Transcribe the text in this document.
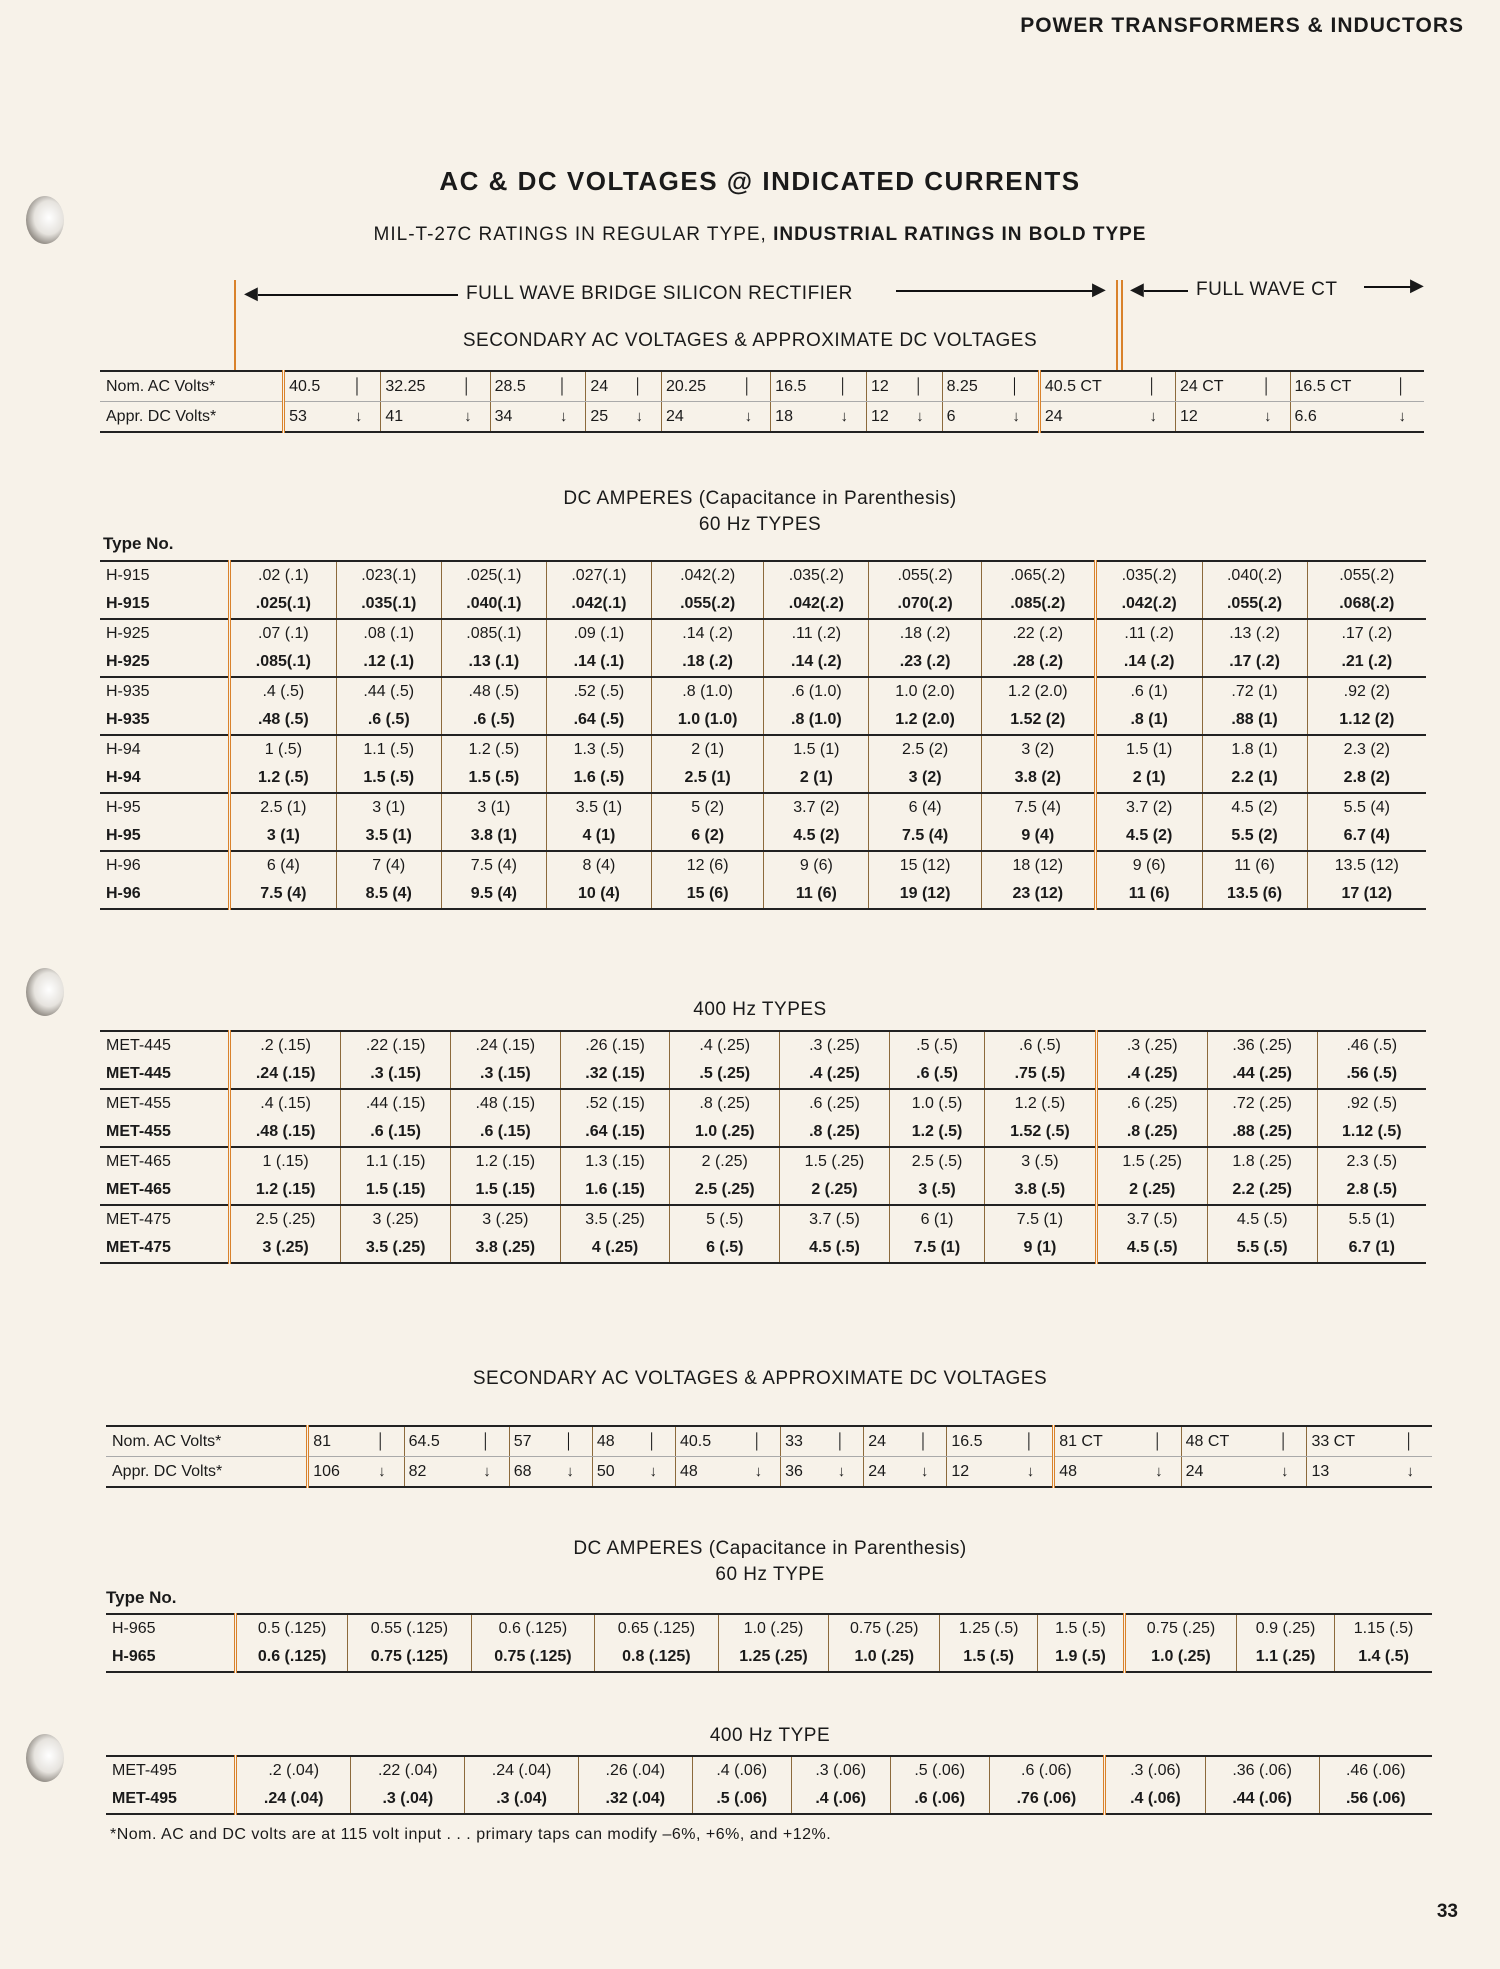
POWER TRANSFORMERS & INDUCTORS
AC & DC VOLTAGES @ INDICATED CURRENTS
MIL-T-27C RATINGS IN REGULAR TYPE, INDUSTRIAL RATINGS IN BOLD TYPE
◀	FULL WAVE BRIDGE SILICON RECTIFIER	▶ ◀	FULL WAVE CT	▶
SECONDARY AC VOLTAGES & APPROXIMATE DC VOLTAGES
Nom. AC Volts*	40.5 │	32.25 │	28.5 │	24 │	20.25 │	16.5 │	12 │	8.25 │	40.5 CT │	24 CT │	16.5 CT │

Appr. DC Volts*	53 ↓	41 ↓	34 ↓	25 ↓	24 ↓	18 ↓	12 ↓	6 ↓	24 ↓	12 ↓	6.6 ↓
DC AMPERES (Capacitance in Parenthesis)
60 Hz TYPES
Type No.
H-915	.02 (.1)	.023(.1)	.025(.1)	.027(.1)	.042(.2)	.035(.2)	.055(.2)	.065(.2)	.035(.2)	.040(.2)	.055(.2)
H-915	.025(.1)	.035(.1)	.040(.1)	.042(.1)	.055(.2)	.042(.2)	.070(.2)	.085(.2)	.042(.2)	.055(.2)	.068(.2)
H-925	.07 (.1)	.08 (.1)	.085(.1)	.09 (.1)	.14 (.2)	.11 (.2)	.18 (.2)	.22 (.2)	.11 (.2)	.13 (.2)	.17 (.2)
H-925	.085(.1)	.12 (.1)	.13 (.1)	.14 (.1)	.18 (.2)	.14 (.2)	.23 (.2)	.28 (.2)	.14 (.2)	.17 (.2)	.21 (.2)
H-935	.4 (.5)	.44 (.5)	.48 (.5)	.52 (.5)	.8 (1.0)	.6 (1.0)	1.0 (2.0)	1.2 (2.0)	.6 (1)	.72 (1)	.92 (2)
H-935	.48 (.5)	.6 (.5)	.6 (.5)	.64 (.5)	1.0 (1.0)	.8 (1.0)	1.2 (2.0)	1.52 (2)	.8 (1)	.88 (1)	1.12 (2)
H-94	1 (.5)	1.1 (.5)	1.2 (.5)	1.3 (.5)	2 (1)	1.5 (1)	2.5 (2)	3 (2)	1.5 (1)	1.8 (1)	2.3 (2)
H-94	1.2 (.5)	1.5 (.5)	1.5 (.5)	1.6 (.5)	2.5 (1)	2 (1)	3 (2)	3.8 (2)	2 (1)	2.2 (1)	2.8 (2)
H-95	2.5 (1)	3 (1)	3 (1)	3.5 (1)	5 (2)	3.7 (2)	6 (4)	7.5 (4)	3.7 (2)	4.5 (2)	5.5 (4)
H-95	3 (1)	3.5 (1)	3.8 (1)	4 (1)	6 (2)	4.5 (2)	7.5 (4)	9 (4)	4.5 (2)	5.5 (2)	6.7 (4)
H-96	6 (4)	7 (4)	7.5 (4)	8 (4)	12 (6)	9 (6)	15 (12)	18 (12)	9 (6)	11 (6)	13.5 (12)
H-96	7.5 (4)	8.5 (4)	9.5 (4)	10 (4)	15 (6)	11 (6)	19 (12)	23 (12)	11 (6)	13.5 (6)	17 (12)
400 Hz TYPES
MET-445	.2 (.15)	.22 (.15)	.24 (.15)	.26 (.15)	.4 (.25)	.3 (.25)	.5 (.5)	.6 (.5)	.3 (.25)	.36 (.25)	.46 (.5)
MET-445	.24 (.15)	.3 (.15)	.3 (.15)	.32 (.15)	.5 (.25)	.4 (.25)	.6 (.5)	.75 (.5)	.4 (.25)	.44 (.25)	.56 (.5)
MET-455	.4 (.15)	.44 (.15)	.48 (.15)	.52 (.15)	.8 (.25)	.6 (.25)	1.0 (.5)	1.2 (.5)	.6 (.25)	.72 (.25)	.92 (.5)
MET-455	.48 (.15)	.6 (.15)	.6 (.15)	.64 (.15)	1.0 (.25)	.8 (.25)	1.2 (.5)	1.52 (.5)	.8 (.25)	.88 (.25)	1.12 (.5)
MET-465	1 (.15)	1.1 (.15)	1.2 (.15)	1.3 (.15)	2 (.25)	1.5 (.25)	2.5 (.5)	3 (.5)	1.5 (.25)	1.8 (.25)	2.3 (.5)
MET-465	1.2 (.15)	1.5 (.15)	1.5 (.15)	1.6 (.15)	2.5 (.25)	2 (.25)	3 (.5)	3.8 (.5)	2 (.25)	2.2 (.25)	2.8 (.5)
MET-475	2.5 (.25)	3 (.25)	3 (.25)	3.5 (.25)	5 (.5)	3.7 (.5)	6 (1)	7.5 (1)	3.7 (.5)	4.5 (.5)	5.5 (1)
MET-475	3 (.25)	3.5 (.25)	3.8 (.25)	4 (.25)	6 (.5)	4.5 (.5)	7.5 (1)	9 (1)	4.5 (.5)	5.5 (.5)	6.7 (1)
SECONDARY AC VOLTAGES & APPROXIMATE DC VOLTAGES
Nom. AC Volts*	81 │	64.5 │	57 │	48 │	40.5 │	33 │	24 │	16.5 │	81 CT │	48 CT │	33 CT │

Appr. DC Volts*	106 ↓	82 ↓	68 ↓	50 ↓	48 ↓	36 ↓	24 ↓	12 ↓	48 ↓	24 ↓	13 ↓
DC AMPERES (Capacitance in Parenthesis)
60 Hz TYPE
Type No.
H-965	0.5 (.125)	0.55 (.125)	0.6 (.125)	0.65 (.125)	1.0 (.25)	0.75 (.25)	1.25 (.5)	1.5 (.5)	0.75 (.25)	0.9 (.25)	1.15 (.5)
H-965	0.6 (.125)	0.75 (.125)	0.75 (.125)	0.8 (.125)	1.25 (.25)	1.0 (.25)	1.5 (.5)	1.9 (.5)	1.0 (.25)	1.1 (.25)	1.4 (.5)
400 Hz TYPE
MET-495	.2 (.04)	.22 (.04)	.24 (.04)	.26 (.04)	.4 (.06)	.3 (.06)	.5 (.06)	.6 (.06)	.3 (.06)	.36 (.06)	.46 (.06)
MET-495	.24 (.04)	.3 (.04)	.3 (.04)	.32 (.04)	.5 (.06)	.4 (.06)	.6 (.06)	.76 (.06)	.4 (.06)	.44 (.06)	.56 (.06)
*Nom. AC and DC volts are at 115 volt input . . . primary taps can modify –6%, +6%, and +12%.
33
